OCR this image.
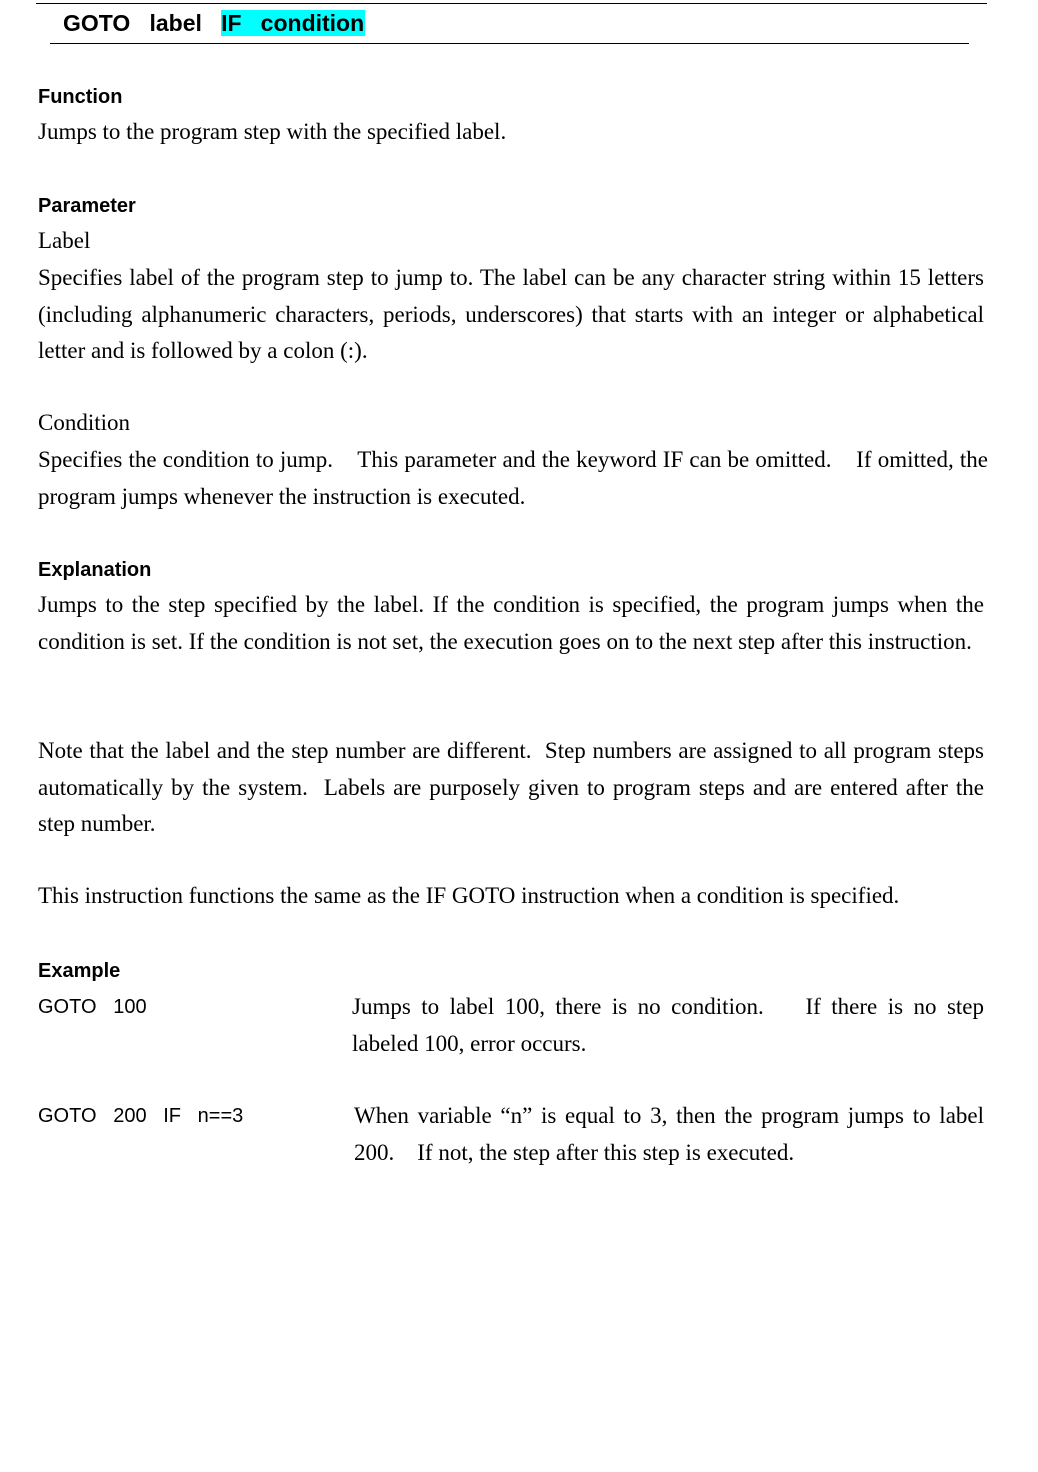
GOTO   label   IF   condition
Function
Jumps to the program step with the specified label.
Parameter
Label
Specifies label of the program step to jump to. The label can be any character string within 15 letters (including alphanumeric characters, periods, underscores) that starts with an integer or alphabetical letter and is followed by a colon (:).
Condition
Specifies the condition to jump.    This parameter and the keyword IF can be omitted.    If omitted, the program jumps whenever the instruction is executed.
Explanation
Jumps to the step specified by the label. If the condition is specified, the program jumps when the condition is set. If the condition is not set, the execution goes on to the next step after this instruction.
Note that the label and the step number are different.  Step numbers are assigned to all program steps automatically by the system.  Labels are purposely given to program steps and are entered after the step number.
This instruction functions the same as the IF GOTO instruction when a condition is specified.
Example
GOTO   100	Jumps to label 100, there is no condition.    If there is no step labeled 100, error occurs.
GOTO   200   IF   n==3	When variable “n” is equal to 3, then the program jumps to label 200.    If not, the step after this step is executed.
